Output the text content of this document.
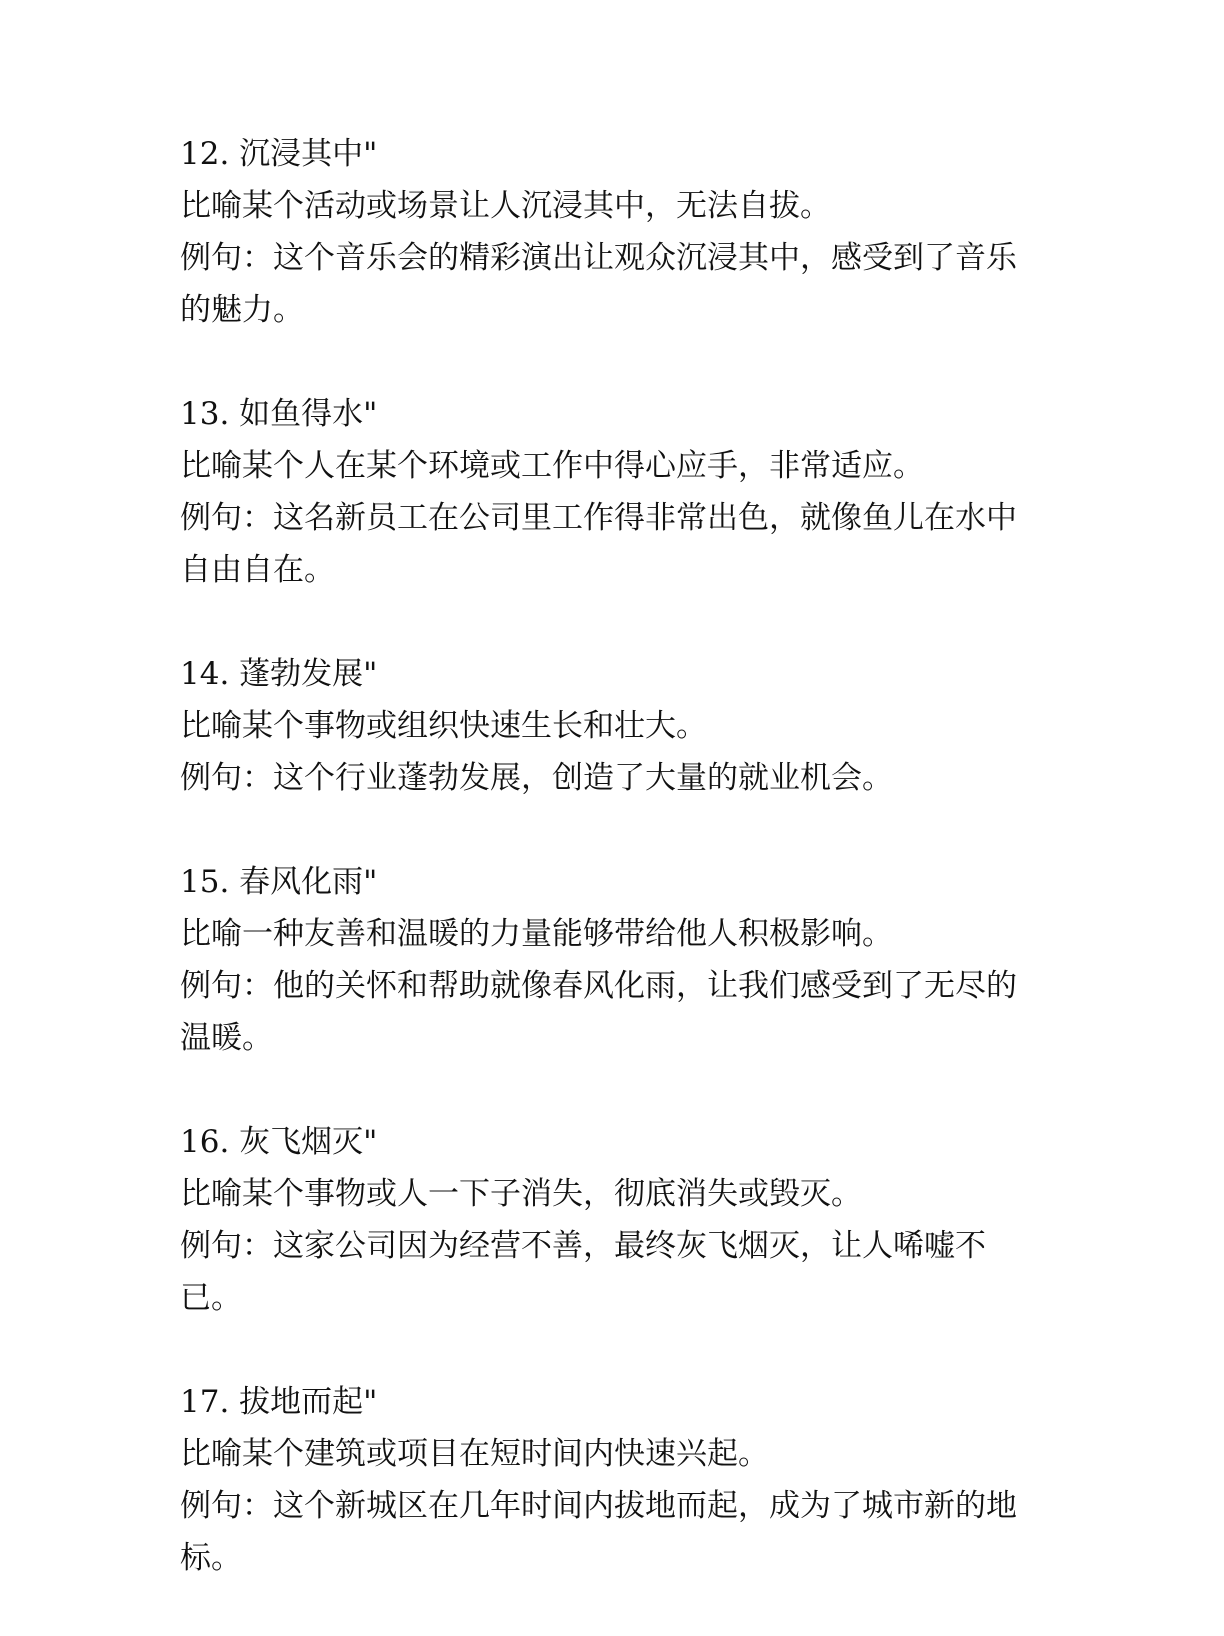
12. 沉浸其中"

比喻某个活动或场景让人沉浸其中，无法自拔。

例句：这个音乐会的精彩演出让观众沉浸其中，感受到了音乐的魅力。

13. 如鱼得水"

比喻某个人在某个环境或工作中得心应手，非常适应。

例句：这名新员工在公司里工作得非常出色，就像鱼儿在水中自由自在。

14. 蓬勃发展"

比喻某个事物或组织快速生长和壮大。

例句：这个行业蓬勃发展，创造了大量的就业机会。

15. 春风化雨"

比喻一种友善和温暖的力量能够带给他人积极影响。

例句：他的关怀和帮助就像春风化雨，让我们感受到了无尽的温暖。

16. 灰飞烟灭"

比喻某个事物或人一下子消失，彻底消失或毁灭。

例句：这家公司因为经营不善，最终灰飞烟灭，让人唏嘘不已。

17. 拔地而起"

比喻某个建筑或项目在短时间内快速兴起。

例句：这个新城区在几年时间内拔地而起，成为了城市新的地标。
